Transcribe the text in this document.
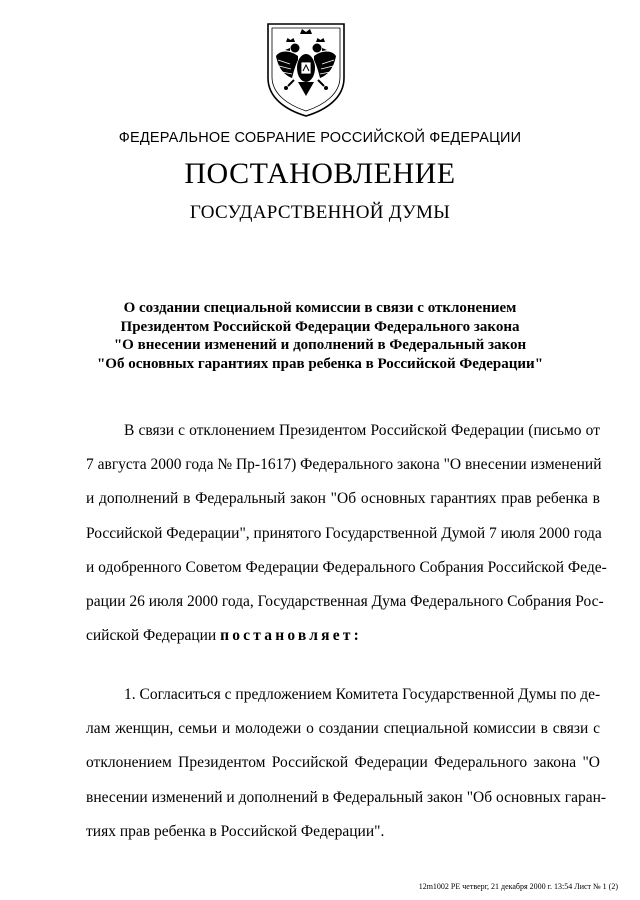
ФЕДЕРАЛЬНОЕ СОБРАНИЕ РОССИЙСКОЙ ФЕДЕРАЦИИ
ПОСТАНОВЛЕНИЕ
ГОСУДАРСТВЕННОЙ ДУМЫ
О создании специальной комиссии в связи с отклонением
Президентом Российской Федерации Федерального закона
"О внесении изменений и дополнений в Федеральный закон
"Об основных гарантиях прав ребенка в Российской Федерации"
В связи с отклонением Президентом Российской Федерации (письмо от
7 августа 2000 года № Пр-1617) Федерального закона "О внесении изменений
и дополнений в Федеральный закон "Об основных гарантиях прав ребенка в
Российской Федерации", принятого Государственной Думой 7 июля 2000 года
и одобренного Советом Федерации Федерального Собрания Российской Феде-
рации 26 июля 2000 года, Государственная Дума Федерального Собрания Рос-
сийской Федерации постановляет:
1. Согласиться с предложением Комитета Государственной Думы по де-
лам женщин, семьи и молодежи о создании специальной комиссии в связи с
отклонением Президентом Российской Федерации Федерального закона "О
внесении изменений и дополнений в Федеральный закон "Об основных гаран-
тиях прав ребенка в Российской Федерации".
12m1002 РЕ четверг, 21 декабря 2000 г. 13:54 Лист № 1 (2)
